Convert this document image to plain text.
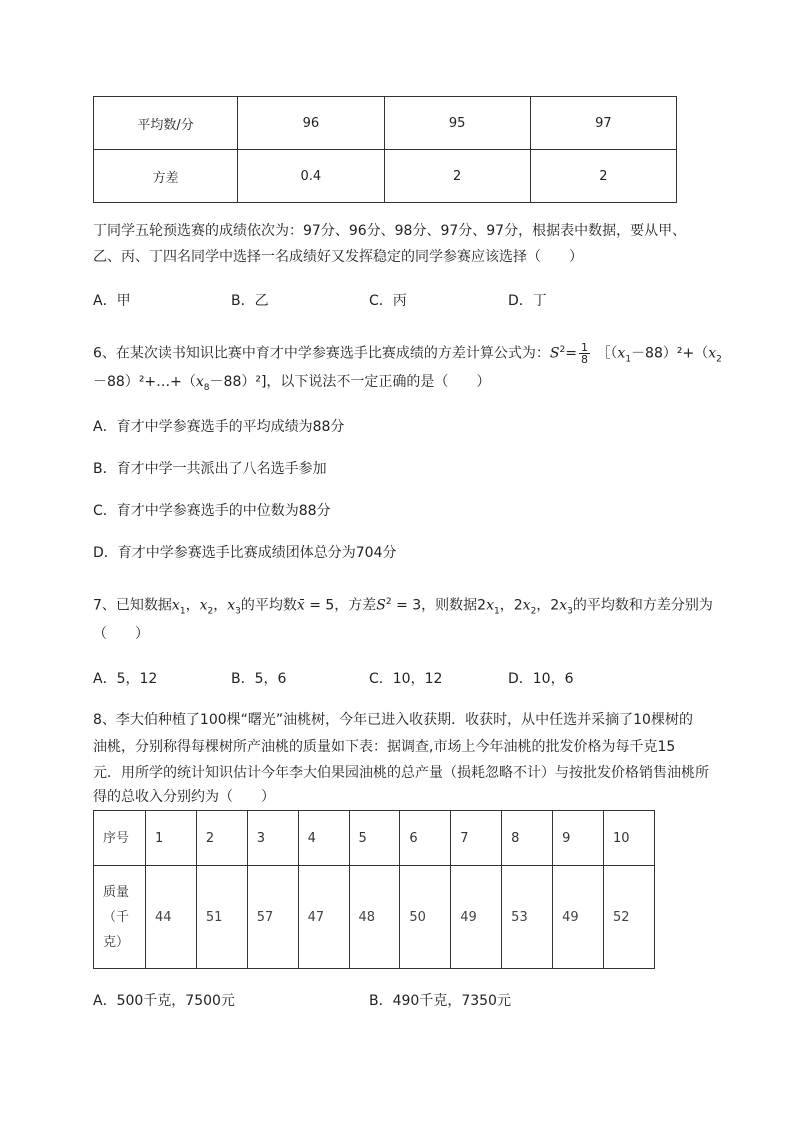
平均数/分	96	95	97
方差	0.4	2	2
丁同学五轮预选赛的成绩依次为：97分、96分、98分、97分、97分，根据表中数据，要从甲、
乙、丙、丁四名同学中选择一名成绩好又发挥稳定的同学参赛应该选择（　　）
A．甲	B．乙	C．丙	D．丁
6、在某次读书知识比赛中育才中学参赛选手比赛成绩的方差计算公式为：$S^2= \frac{1}{8}$ $[(x_1-88)^2+(x_2$
$-88)^2+\dots+(x_8-88)^2$]，以下说法不一定正确的是（　　）
A．育才中学参赛选手的平均成绩为88分
B．育才中学一共派出了八名选手参加
C．育才中学参赛选手的中位数为88分
D．育才中学参赛选手比赛成绩团体总分为704分
7、已知数据$x_1$，$x_2$，$x_3$的平均数x̄ = 5，方差$S^2 = 3$，则数据$2x_1$，$2x_2$，$2x_3$的平均数和方差分别为
（　　）
A．5，12	B．5，6	C．10，12	D．10，6
8、李大伯种植了100棵“曙光”油桃树，今年已进入收获期．收获时，从中任选并采摘了10棵树的
油桃，分别称得每棵树所产油桃的质量如下表：据调查,市场上今年油桃的批发价格为每千克15
元．用所学的统计知识估计今年李大伯果园油桃的总产量（损耗忽略不计）与按批发价格销售油桃所
得的总收入分别约为（　　）
序号	1	2	3	4	5	6	7	8	9	10

质量
（千
克）	44	51	57	47	48	50	49	53	49	52
A．500千克，7500元	B．490千克，7350元
